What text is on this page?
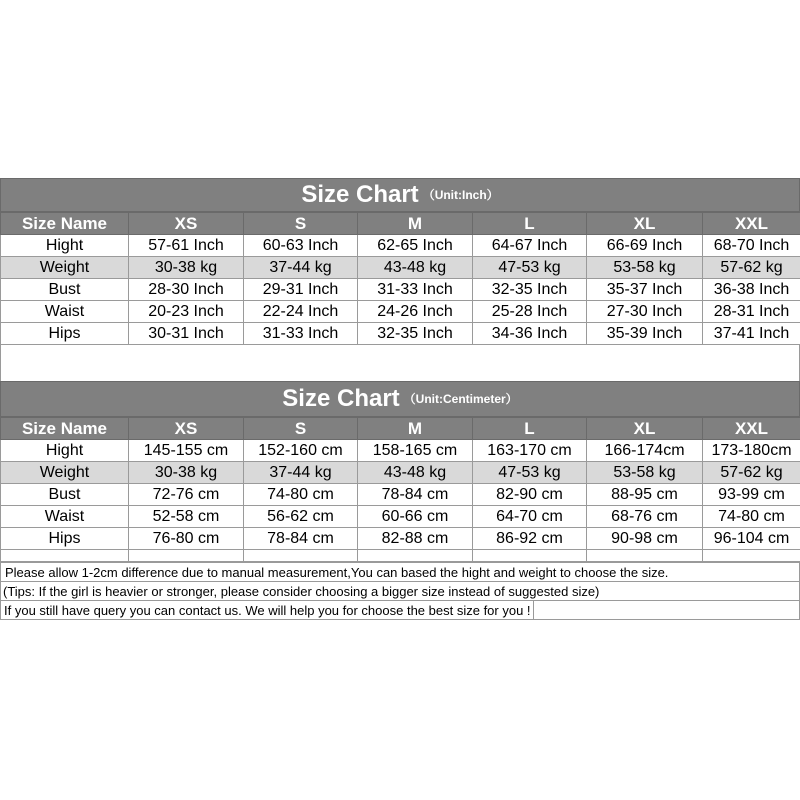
Size Chart （Unit:Inch）
Size Name	XS	S	M	L	XL	XXL
Hight	57-61 Inch	60-63 Inch	62-65 Inch	64-67 Inch	66-69 Inch	68-70 Inch
Weight	30-38 kg	37-44 kg	43-48 kg	47-53 kg	53-58 kg	57-62 kg
Bust	28-30 Inch	29-31 Inch	31-33 Inch	32-35 Inch	35-37 Inch	36-38 Inch
Waist	20-23 Inch	22-24 Inch	24-26 Inch	25-28 Inch	27-30 Inch	28-31 Inch
Hips	30-31 Inch	31-33 Inch	32-35 Inch	34-36 Inch	35-39 Inch	37-41 Inch
Size Chart （Unit:Centimeter）
Size Name	XS	S	M	L	XL	XXL
Hight	145-155 cm	152-160 cm	158-165 cm	163-170 cm	166-174cm	173-180cm
Weight	30-38 kg	37-44 kg	43-48 kg	47-53 kg	53-58 kg	57-62 kg
Bust	72-76 cm	74-80 cm	78-84 cm	82-90 cm	88-95 cm	93-99 cm
Waist	52-58 cm	56-62 cm	60-66 cm	64-70 cm	68-76 cm	74-80 cm
Hips	76-80 cm	78-84 cm	82-88 cm	86-92 cm	90-98 cm	96-104 cm

Please allow 1-2cm difference due to manual measurement,You can based the hight and weight to choose the size.
(Tips: If the girl is heavier or stronger, please consider choosing a bigger size instead of suggested size)
If you still have query you can contact us. We will help you for choose the best size for you !
